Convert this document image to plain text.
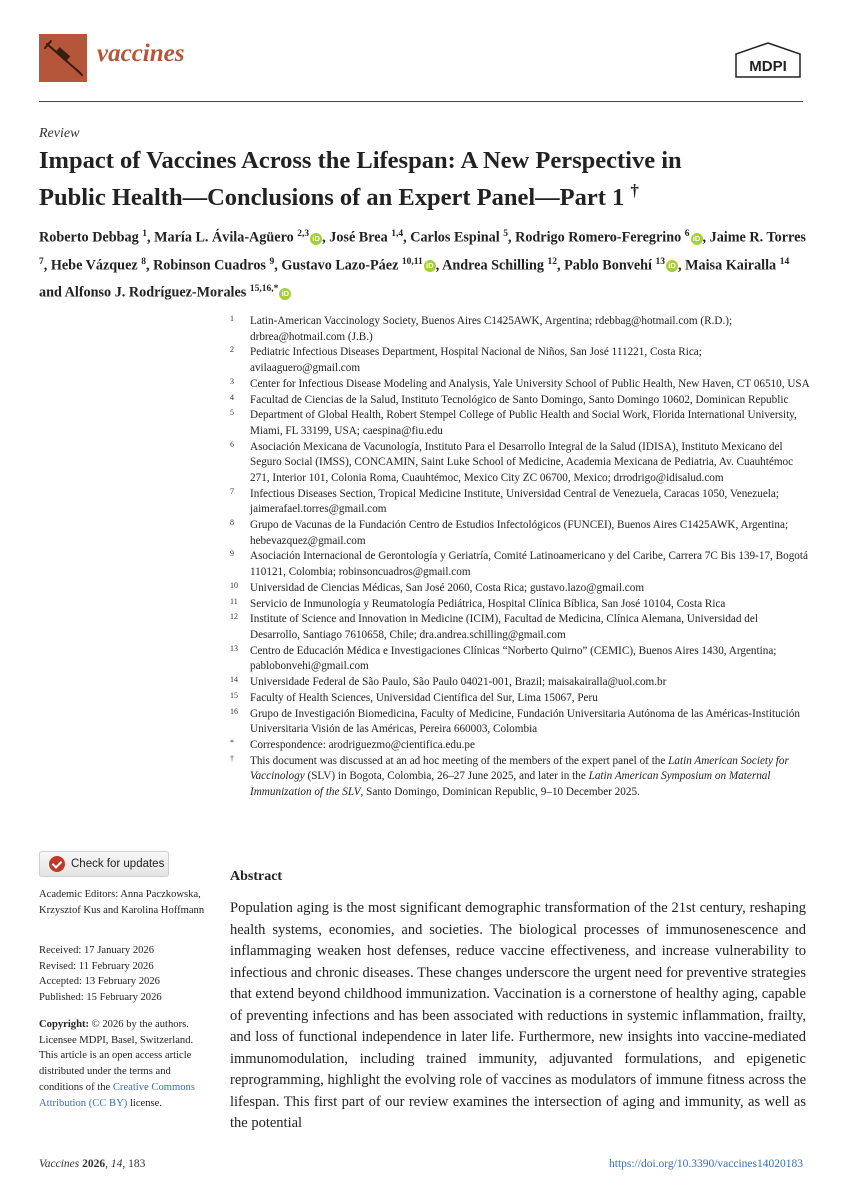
vaccines	MDPI
Review
Impact of Vaccines Across the Lifespan: A New Perspective in
Public Health—Conclusions of an Expert Panel—Part 1 †
Roberto Debbag $^1$, María L. Ávila-Agüero $^{2,3}$ iD , José Brea $^{1,4}$, Carlos Espinal $^5$, Rodrigo Romero-Feregrino $^6$ iD , Jaime R. Torres $^7$, Hebe Vázquez $^8$, Robinson Cuadros $^9$, Gustavo Lazo-Páez $^{10,11}$ iD , Andrea Schilling $^{12}$, Pablo Bonvehí $^{13}$ iD , Maisa Kairalla $^{14}$ and Alfonso J. Rodríguez-Morales $^{15,16,*}$ iD
1	Latin-American Vaccinology Society, Buenos Aires C1425AWK, Argentina; rdebbag@hotmail.com (R.D.); drbrea@hotmail.com (J.B.)
2	Pediatric Infectious Diseases Department, Hospital Nacional de Niños, San José 111221, Costa Rica; avilaaguero@gmail.com
3	Center for Infectious Disease Modeling and Analysis, Yale University School of Public Health, New Haven, CT 06510, USA
4	Facultad de Ciencias de la Salud, Instituto Tecnológico de Santo Domingo, Santo Domingo 10602, Dominican Republic
5	Department of Global Health, Robert Stempel College of Public Health and Social Work, Florida International University, Miami, FL 33199, USA; caespina@fiu.edu
6	Asociación Mexicana de Vacunología, Instituto Para el Desarrollo Integral de la Salud (IDISA), Instituto Mexicano del Seguro Social (IMSS), CONCAMIN, Saint Luke School of Medicine, Academia Mexicana de Pediatria, Av. Cuauhtémoc 271, Interior 101, Colonia Roma, Cuauhtémoc, Mexico City ZC 06700, Mexico; drrodrigo@idisalud.com
7	Infectious Diseases Section, Tropical Medicine Institute, Universidad Central de Venezuela, Caracas 1050, Venezuela; jaimerafael.torres@gmail.com
8	Grupo de Vacunas de la Fundación Centro de Estudios Infectológicos (FUNCEI), Buenos Aires C1425AWK, Argentina; hebevazquez@gmail.com
9	Asociación Internacional de Gerontología y Geriatría, Comité Latinoamericano y del Caribe, Carrera 7C Bis 139-17, Bogotá 110121, Colombia; robinsoncuadros@gmail.com
10	Universidad de Ciencias Médicas, San José 2060, Costa Rica; gustavo.lazo@gmail.com
11	Servicio de Inmunología y Reumatología Pediátrica, Hospital Clínica Bíblica, San José 10104, Costa Rica
12	Institute of Science and Innovation in Medicine (ICIM), Facultad de Medicina, Clínica Alemana, Universidad del Desarrollo, Santiago 7610658, Chile; dra.andrea.schilling@gmail.com
13	Centro de Educación Médica e Investigaciones Clínicas “Norberto Quirno” (CEMIC), Buenos Aires 1430, Argentina; pablobonvehi@gmail.com
14	Universidade Federal de São Paulo, São Paulo 04021-001, Brazil; maisakairalla@uol.com.br
15	Faculty of Health Sciences, Universidad Científica del Sur, Lima 15067, Peru
16	Grupo de Investigación Biomedicina, Faculty of Medicine, Fundación Universitaria Autónoma de las Américas-Institución Universitaria Visión de las Américas, Pereira 660003, Colombia
*	Correspondence: arodriguezmo@cientifica.edu.pe
†	This document was discussed at an ad hoc meeting of the members of the expert panel of the Latin American Society for Vaccinology (SLV) in Bogota, Colombia, 26–27 June 2025, and later in the Latin American Symposium on Maternal Immunization of the SLV, Santo Domingo, Dominican Republic, 9–10 December 2025.
Check for updates
Academic Editors: Anna Paczkowska, Krzysztof Kus and Karolina Hoffmann
Received: 17 January 2026
Revised: 11 February 2026
Accepted: 13 February 2026
Published: 15 February 2026
Copyright: © 2026 by the authors. Licensee MDPI, Basel, Switzerland. This article is an open access article distributed under the terms and conditions of the Creative Commons Attribution (CC BY) license.
Abstract
Population aging is the most significant demographic transformation of the 21st century, reshaping health systems, economies, and societies. The biological processes of immunosenescence and inflammaging weaken host defenses, reduce vaccine effectiveness, and increase vulnerability to infectious and chronic diseases. These changes underscore the urgent need for preventive strategies that extend beyond childhood immunization. Vaccination is a cornerstone of healthy aging, capable of preventing infections and has been associated with reductions in systemic inflammation, frailty, and loss of functional independence in later life. Furthermore, new insights into vaccine-mediated immunomodulation, including trained immunity, adjuvanted formulations, and epigenetic reprogramming, highlight the evolving role of vaccines as modulators of immune fitness across the lifespan. This first part of our review examines the intersection of aging and immunity, as well as the potential
Vaccines 2026, 14, 183	https://doi.org/10.3390/vaccines14020183
